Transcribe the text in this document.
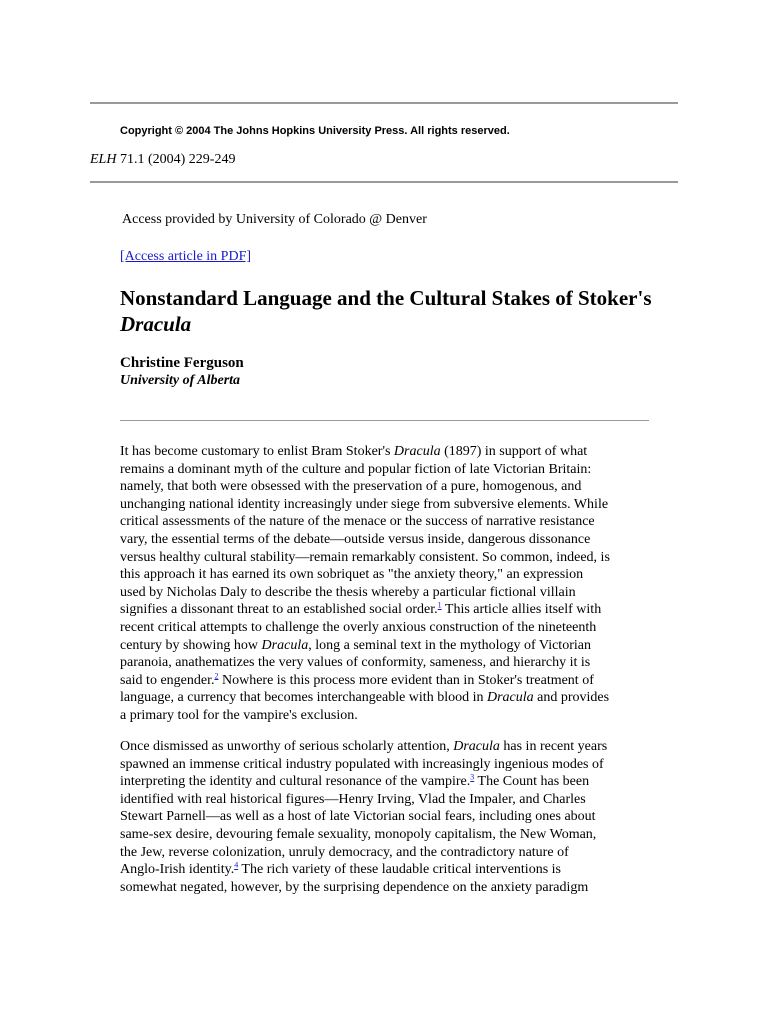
Copyright © 2004 The Johns Hopkins University Press. All rights reserved.
ELH 71.1 (2004) 229-249
Access provided by University of Colorado @ Denver
[Access article in PDF]
Nonstandard Language and the Cultural Stakes of Stoker's Dracula
Christine Ferguson
University of Alberta
It has become customary to enlist Bram Stoker's Dracula (1897) in support of what
remains a dominant myth of the culture and popular fiction of late Victorian Britain:
namely, that both were obsessed with the preservation of a pure, homogenous, and
unchanging national identity increasingly under siege from subversive elements. While
critical assessments of the nature of the menace or the success of narrative resistance
vary, the essential terms of the debate—outside versus inside, dangerous dissonance
versus healthy cultural stability—remain remarkably consistent. So common, indeed, is
this approach it has earned its own sobriquet as "the anxiety theory," an expression
used by Nicholas Daly to describe the thesis whereby a particular fictional villain
signifies a dissonant threat to an established social order.$^1$ This article allies itself with
recent critical attempts to challenge the overly anxious construction of the nineteenth
century by showing how Dracula, long a seminal text in the mythology of Victorian
paranoia, anathematizes the very values of conformity, sameness, and hierarchy it is
said to engender.$^2$ Nowhere is this process more evident than in Stoker's treatment of
language, a currency that becomes interchangeable with blood in Dracula and provides
a primary tool for the vampire's exclusion.
Once dismissed as unworthy of serious scholarly attention, Dracula has in recent years
spawned an immense critical industry populated with increasingly ingenious modes of
interpreting the identity and cultural resonance of the vampire.$^3$ The Count has been
identified with real historical figures—Henry Irving, Vlad the Impaler, and Charles
Stewart Parnell—as well as a host of late Victorian social fears, including ones about
same-sex desire, devouring female sexuality, monopoly capitalism, the New Woman,
the Jew, reverse colonization, unruly democracy, and the contradictory nature of
Anglo-Irish identity.$^4$ The rich variety of these laudable critical interventions is
somewhat negated, however, by the surprising dependence on the anxiety paradigm
